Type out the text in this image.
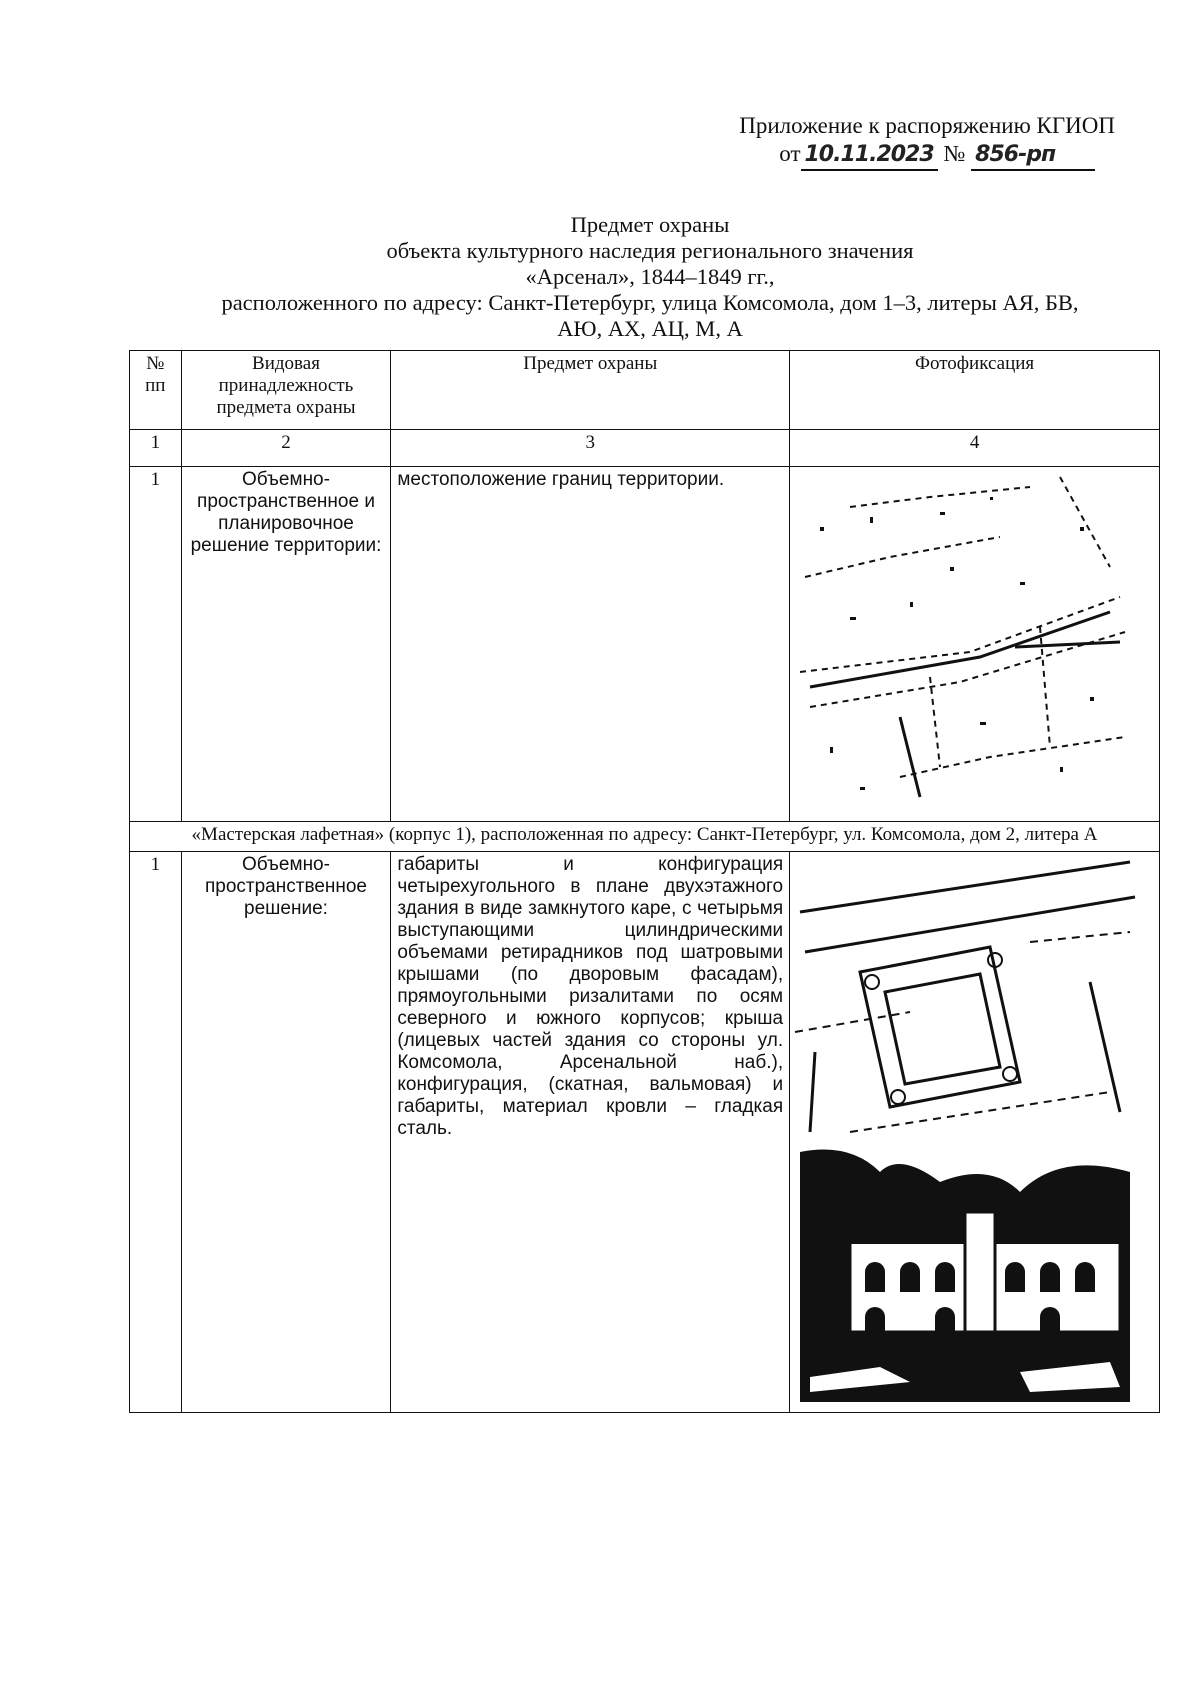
Приложение к распоряжению КГИОП
от 10.11.2023 № 856-рп
Предмет охраны
объекта культурного наследия регионального значения
«Арсенал», 1844–1849 гг.,
расположенного по адресу: Санкт-Петербург, улица Комсомола, дом 1–3, литеры АЯ, БВ,
АЮ, АХ, АЦ, М, А
№ пп	Видовая принадлежность предмета охраны	Предмет охраны	Фотофиксация
1	2	3	4
1	Объемно-пространственное и планировочное решение территории:	местоположение границ территории.	

«Мастерская лафетная» (корпус 1), расположенная по адресу: Санкт-Петербург, ул. Комсомола, дом 2, литера А			
1	Объемно-пространственное решение:	габариты и конфигурация четырехугольного в плане двухэтажного здания в виде замкнутого каре, с четырьмя выступающими цилиндрическими объемами ретирадников под шатровыми крышами (по дворовым фасадам), прямоугольными ризалитами по осям северного и южного корпусов; крыша (лицевых частей здания со стороны ул. Комсомола, Арсенальной наб.), конфигурация, (скатная, вальмовая) и габариты, материал кровли – гладкая сталь.	
